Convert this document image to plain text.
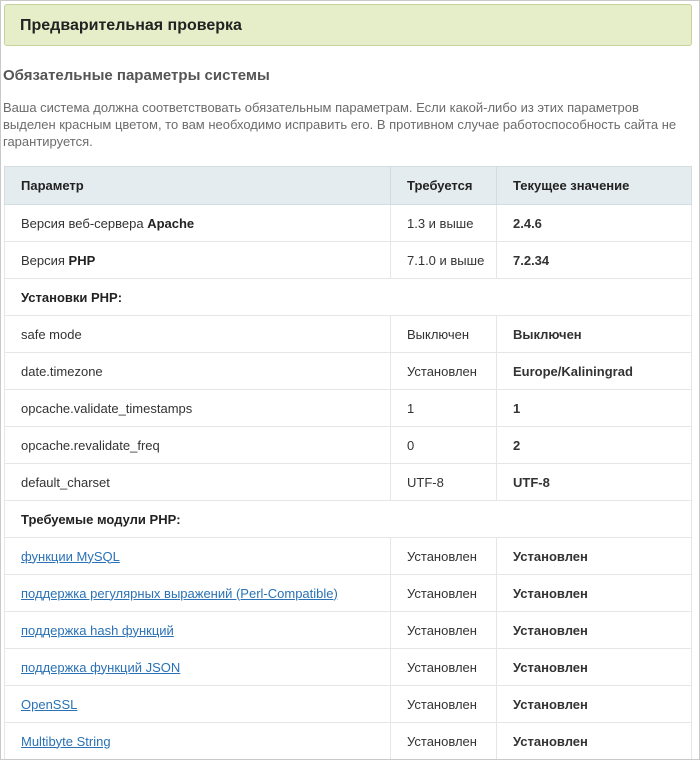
Предварительная проверка
Обязательные параметры системы
Ваша система должна соответствовать обязательным параметрам. Если какой-либо из этих параметров выделен красным цветом, то вам необходимо исправить его. В противном случае работоспособность сайта не гарантируется.
Параметр	Требуется	Текущее значение
Версия веб-сервера Apache	1.3 и выше	2.4.6
Версия PHP	7.1.0 и выше	7.2.34
Установки PHP:		
safe mode	Выключен	Выключен
date.timezone	Установлен	Europe/Kaliningrad
opcache.validate_timestamps	1	1
opcache.revalidate_freq	0	2
default_charset	UTF-8	UTF-8
Требуемые модули PHP:		
функции MySQL	Установлен	Установлен
поддержка регулярных выражений (Perl-Compatible)	Установлен	Установлен
поддержка hash функций	Установлен	Установлен
поддержка функций JSON	Установлен	Установлен
OpenSSL	Установлен	Установлен
Multibyte String	Установлен	Установлен
